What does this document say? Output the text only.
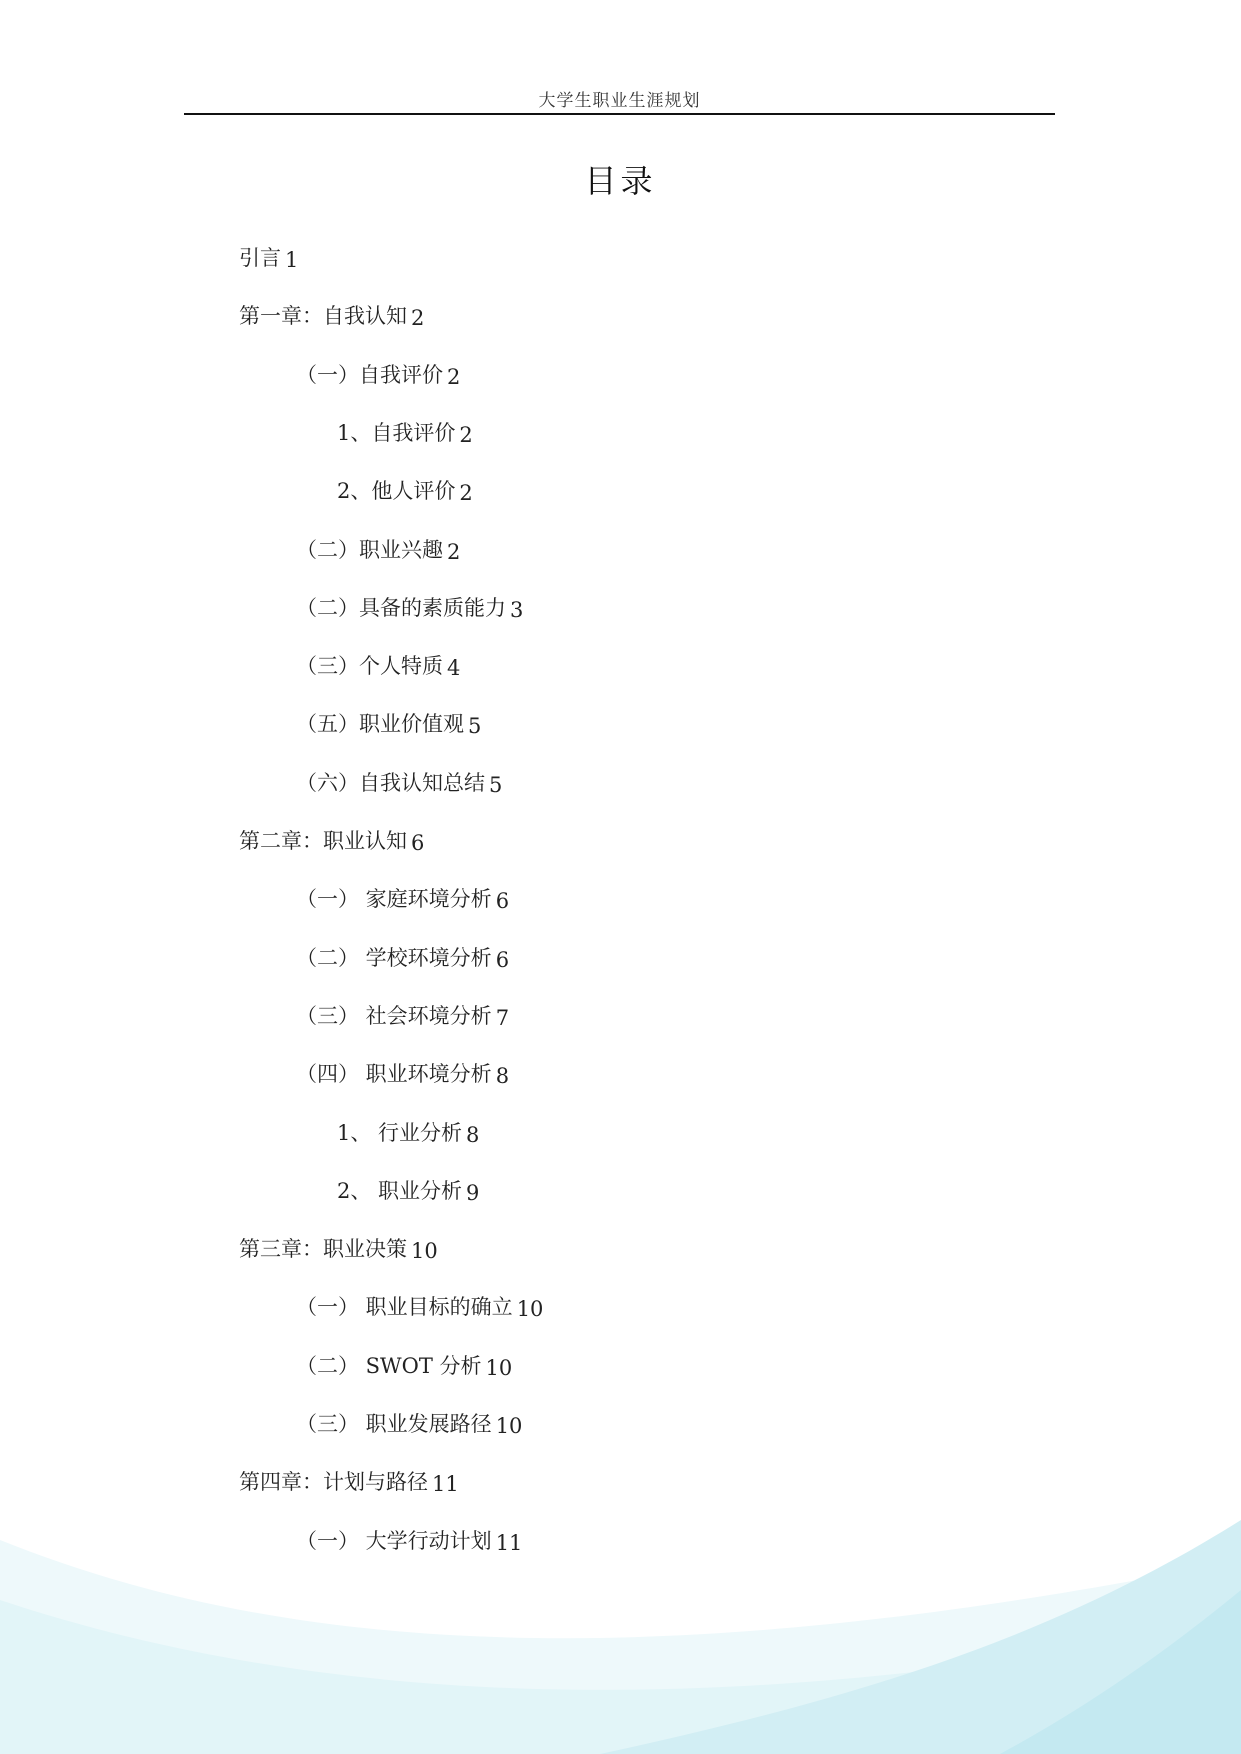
大学生职业生涯规划
目录
引言 1
第一章：自我认知 2
（一）自我评价 2
1、自我评价 2
2、他人评价 2
（二）职业兴趣 2
（二）具备的素质能力 3
（三）个人特质 4
（五）职业价值观 5
（六）自我认知总结 5
第二章：职业认知 6
（一） 家庭环境分析 6
（二） 学校环境分析 6
（三） 社会环境分析 7
（四） 职业环境分析 8
1、 行业分析 8
2、 职业分析 9
第三章：职业决策 10
（一） 职业目标的确立 10
（二） SWOT 分析 10
（三） 职业发展路径 10
第四章：计划与路径 11
（一） 大学行动计划 11
